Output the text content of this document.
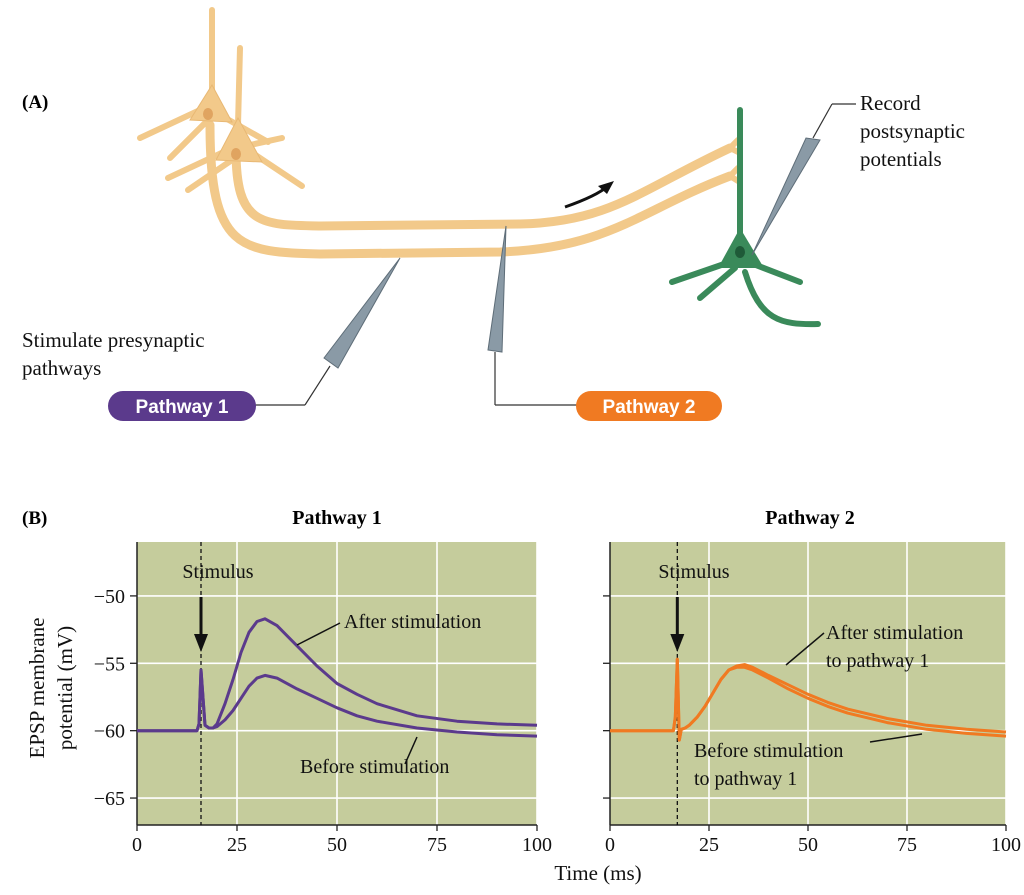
(A)	Record
postsynaptic
potentials
Stimulate presynaptic
pathways
Pathway 1	Pathway 2
(B)
EPSP membrane potential (mV)
Time (ms)
0	25	50	75	100
−50
−55
−60
−65
Pathway 1
Stimulus
After stimulation
Before stimulation
0	25	50	75	100
Pathway 2
Stimulus
After stimulation
to pathway 1
Before stimulation
to pathway 1
